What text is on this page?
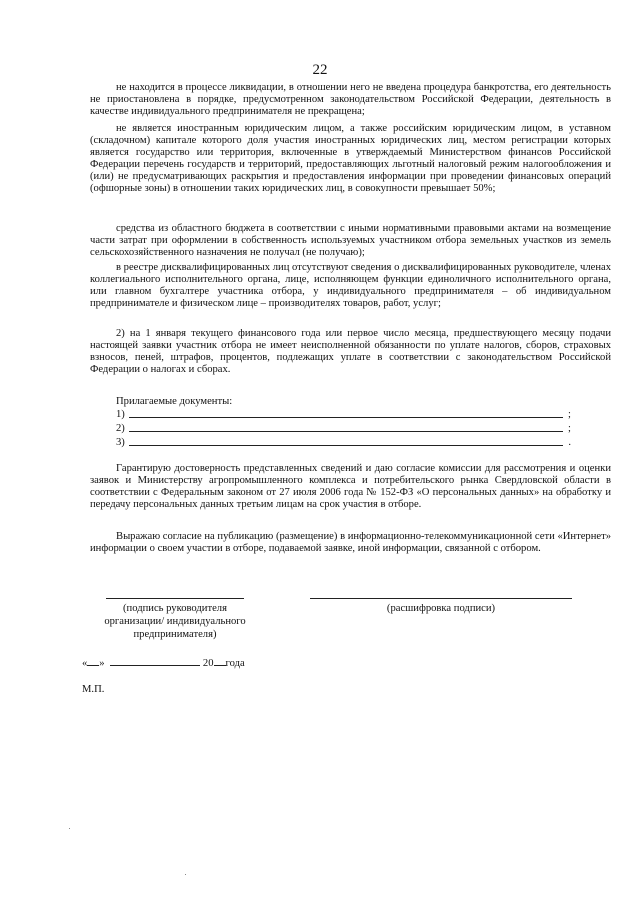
22

не находится в процессе ликвидации, в отношении него не введена процедура банкротства, его деятельность не приостановлена в порядке, предусмотренном законодательством Российской Федерации, деятельность в качестве индивидуального предпринимателя не прекращена;

не является иностранным юридическим лицом, а также российским юридическим лицом, в уставном (складочном) капитале которого доля участия иностранных юридических лиц, местом регистрации которых является государство или территория, включенные в утверждаемый Министерством финансов Российской Федерации перечень государств и территорий, предоставляющих льготный налоговый режим налогообложения и (или) не предусматривающих раскрытия и предоставления информации при проведении финансовых операций (офшорные зоны) в отношении таких юридических лиц, в совокупности превышает 50%;

средства из областного бюджета в соответствии с иными нормативными правовыми актами на возмещение части затрат при оформлении в собственность используемых участником отбора земельных участков из земель сельскохозяйственного назначения не получал (не получаю);

в реестре дисквалифицированных лиц отсутствуют сведения о дисквалифицированных руководителе, членах коллегиального исполнительного органа, лице, исполняющем функции единоличного исполнительного органа, или главном бухгалтере участника отбора, у индивидуального предпринимателя – об индивидуальном предпринимателе и физическом лице – производителях товаров, работ, услуг;

2) на 1 января текущего финансового года или первое число месяца, предшествующего месяцу подачи настоящей заявки участник отбора не имеет неисполненной обязанности по уплате налогов, сборов, страховых взносов, пеней, штрафов, процентов, подлежащих уплате в соответствии с законодательством Российской Федерации о налогах и сборах.

Прилагаемые документы:
1)	;
2)	;
3)	.

Гарантирую достоверность представленных сведений и даю согласие комиссии для рассмотрения и оценки заявок и Министерству агропромышленного комплекса и потребительского рынка Свердловской области в соответствии с Федеральным законом от 27 июля 2006 года № 152-ФЗ «О персональных данных» на обработку и передачу персональных данных третьим лицам на срок участия в отборе.

Выражаю согласие на публикацию (размещение) в информационно-телекоммуникационной сети «Интернет» информации о своем участии в отборе, подаваемой заявке, иной информации, связанной с отбором.

(подпись руководителя организации/ индивидуального предпринимателя)
(расшифровка подписи)
« »	20 года
М.П.
